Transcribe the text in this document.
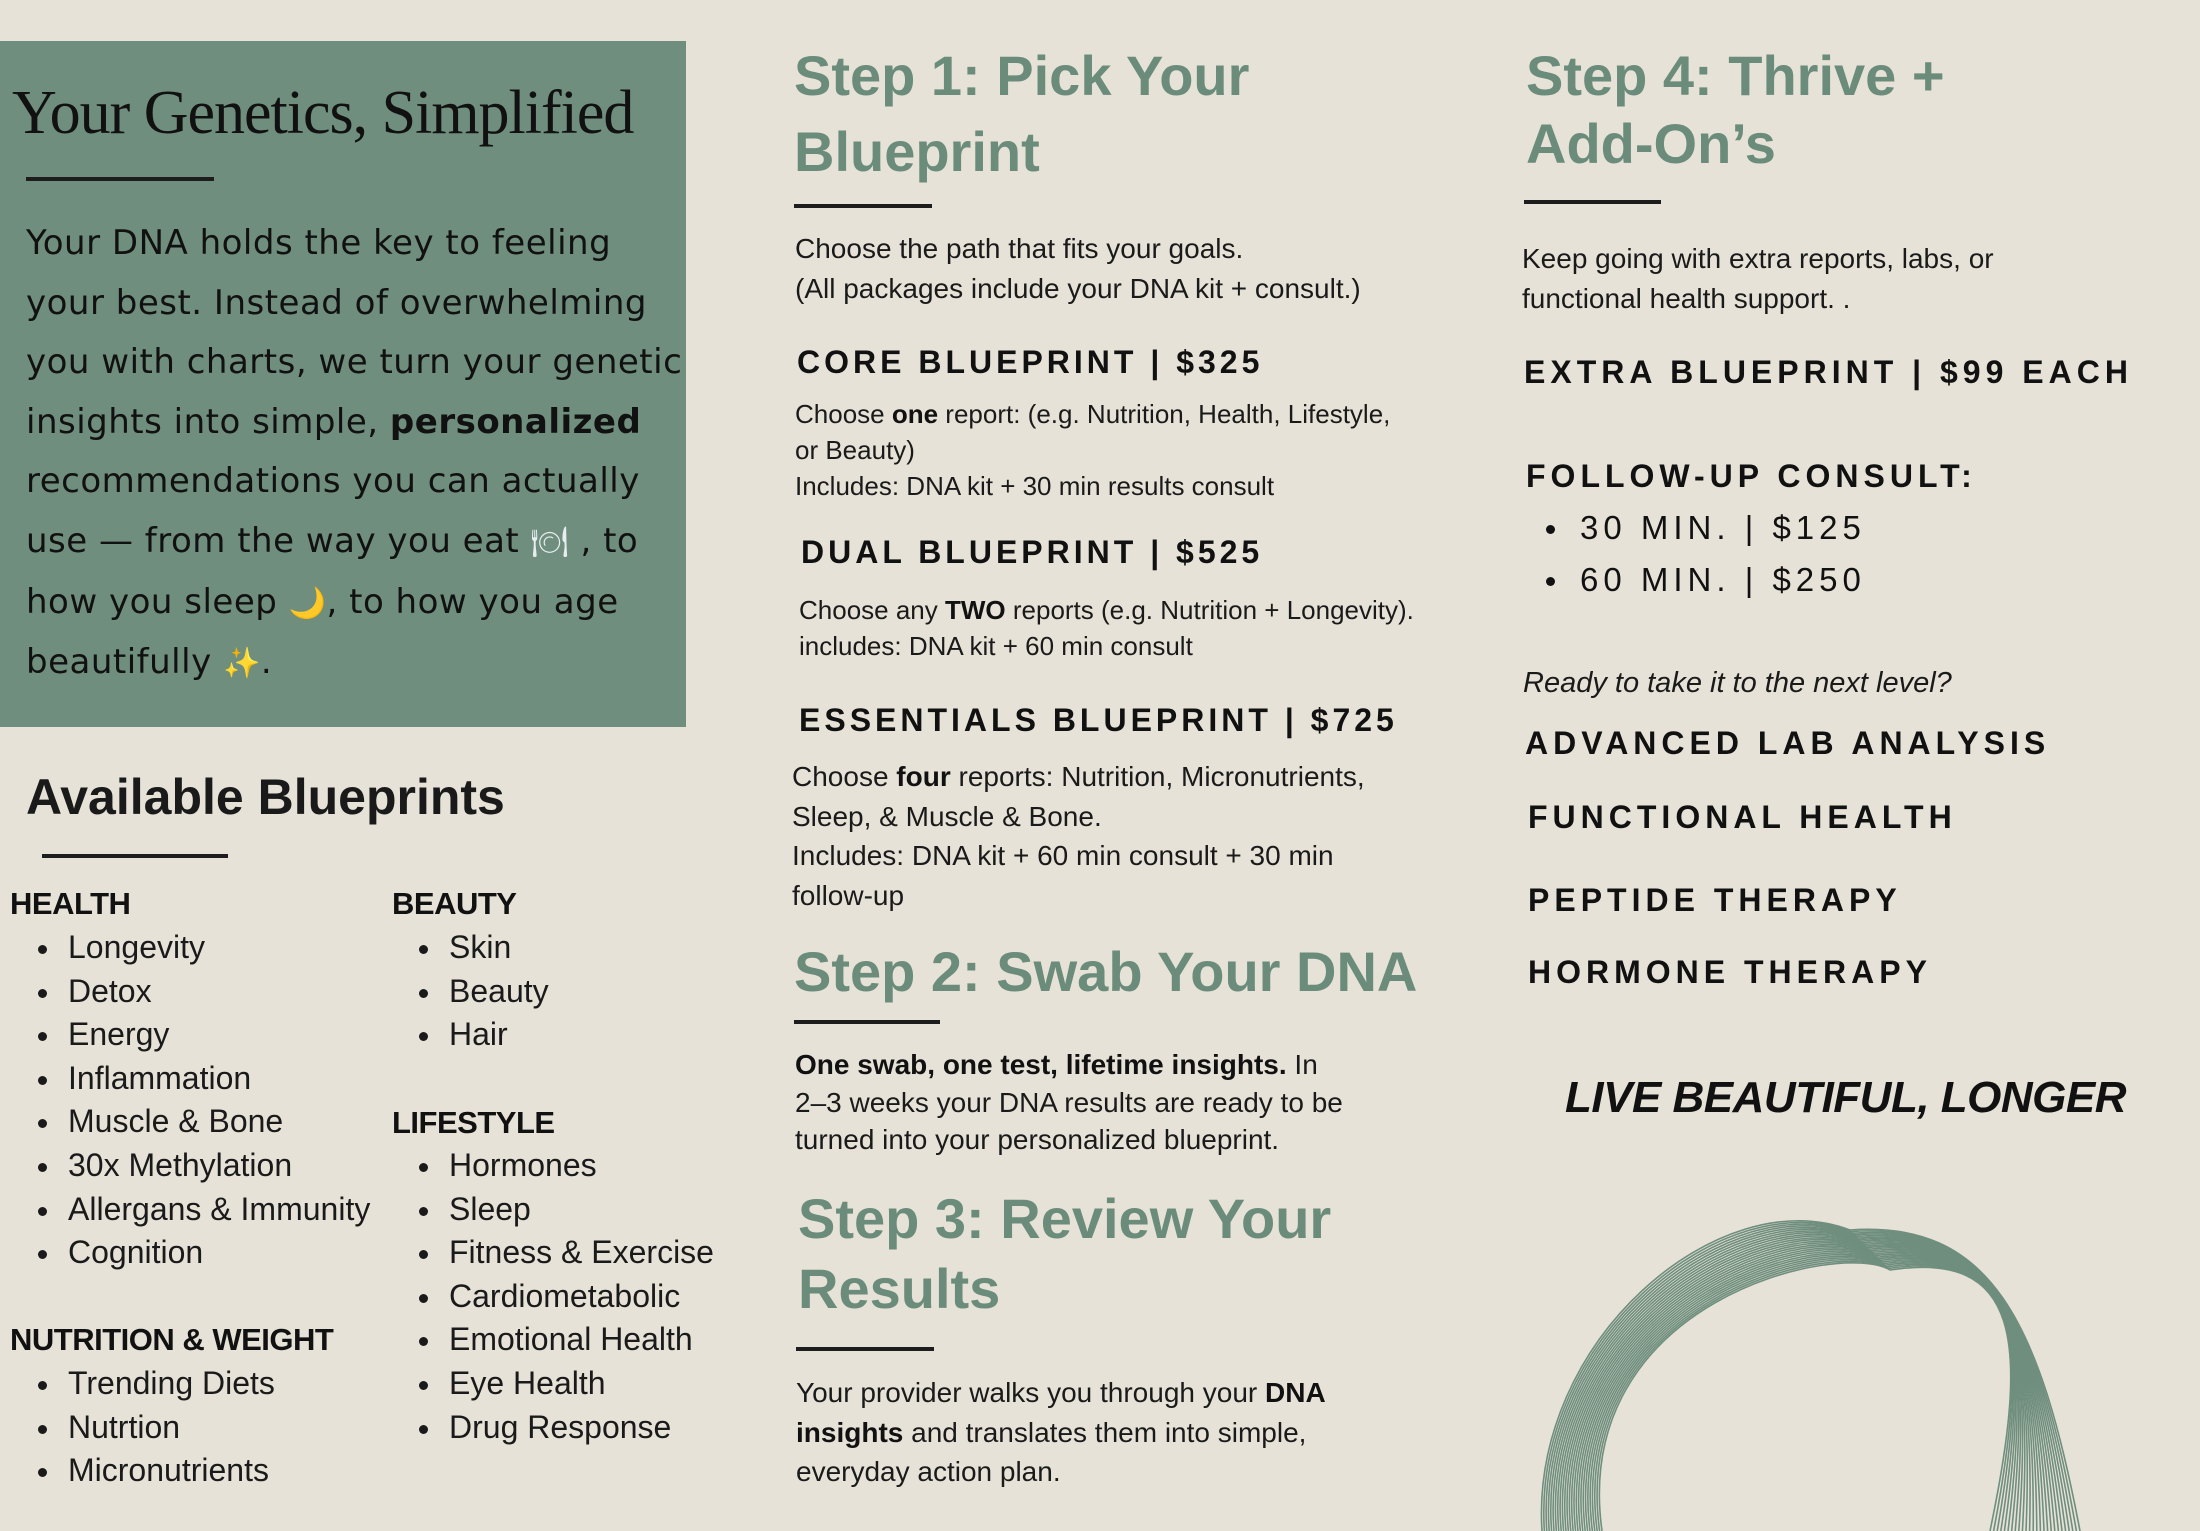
Your Genetics, Simplified
Your DNA holds the key to feeling
your best. Instead of overwhelming
you with charts, we turn your genetic
insights into simple, personalized
recommendations you can actually
use — from the way you eat 🍽 , to
how you sleep 🌙, to how you age
beautifully ✨.
Available Blueprints
HEALTH
Longevity
Detox
Energy
Inflammation
Muscle & Bone
30x Methylation
Allergans & Immunity
Cognition
NUTRITION & WEIGHT
Trending Diets
Nutrtion
Micronutrients
BEAUTY
Skin
Beauty
Hair
LIFESTYLE
Hormones
Sleep
Fitness & Exercise
Cardiometabolic
Emotional Health
Eye Health
Drug Response
Step 1: Pick Your
Blueprint
Choose the path that fits your goals.
(All packages include your DNA kit + consult.)
CORE BLUEPRINT | $325
Choose one report: (e.g. Nutrition, Health, Lifestyle,
or Beauty)
Includes: DNA kit + 30 min results consult
DUAL BLUEPRINT | $525
Choose any TWO reports (e.g. Nutrition + Longevity).
includes: DNA kit + 60 min consult
ESSENTIALS BLUEPRINT | $725
Choose four reports: Nutrition, Micronutrients,
Sleep, & Muscle & Bone.
Includes: DNA kit + 60 min consult + 30 min
follow-up
Step 2: Swab Your DNA
One swab, one test, lifetime insights. In
2–3 weeks your DNA results are ready to be
turned into your personalized blueprint.
Step 3: Review Your
Results
Your provider walks you through your DNA
insights and translates them into simple,
everyday action plan.
Step 4: Thrive +
Add-On’s
Keep going with extra reports, labs, or
functional health support. .
EXTRA BLUEPRINT | $99 EACH
FOLLOW-UP CONSULT:
30 MIN. | $125
60 MIN. | $250
Ready to take it to the next level?
ADVANCED LAB ANALYSIS
FUNCTIONAL HEALTH
PEPTIDE THERAPY
HORMONE THERAPY
LIVE BEAUTIFUL, LONGER
